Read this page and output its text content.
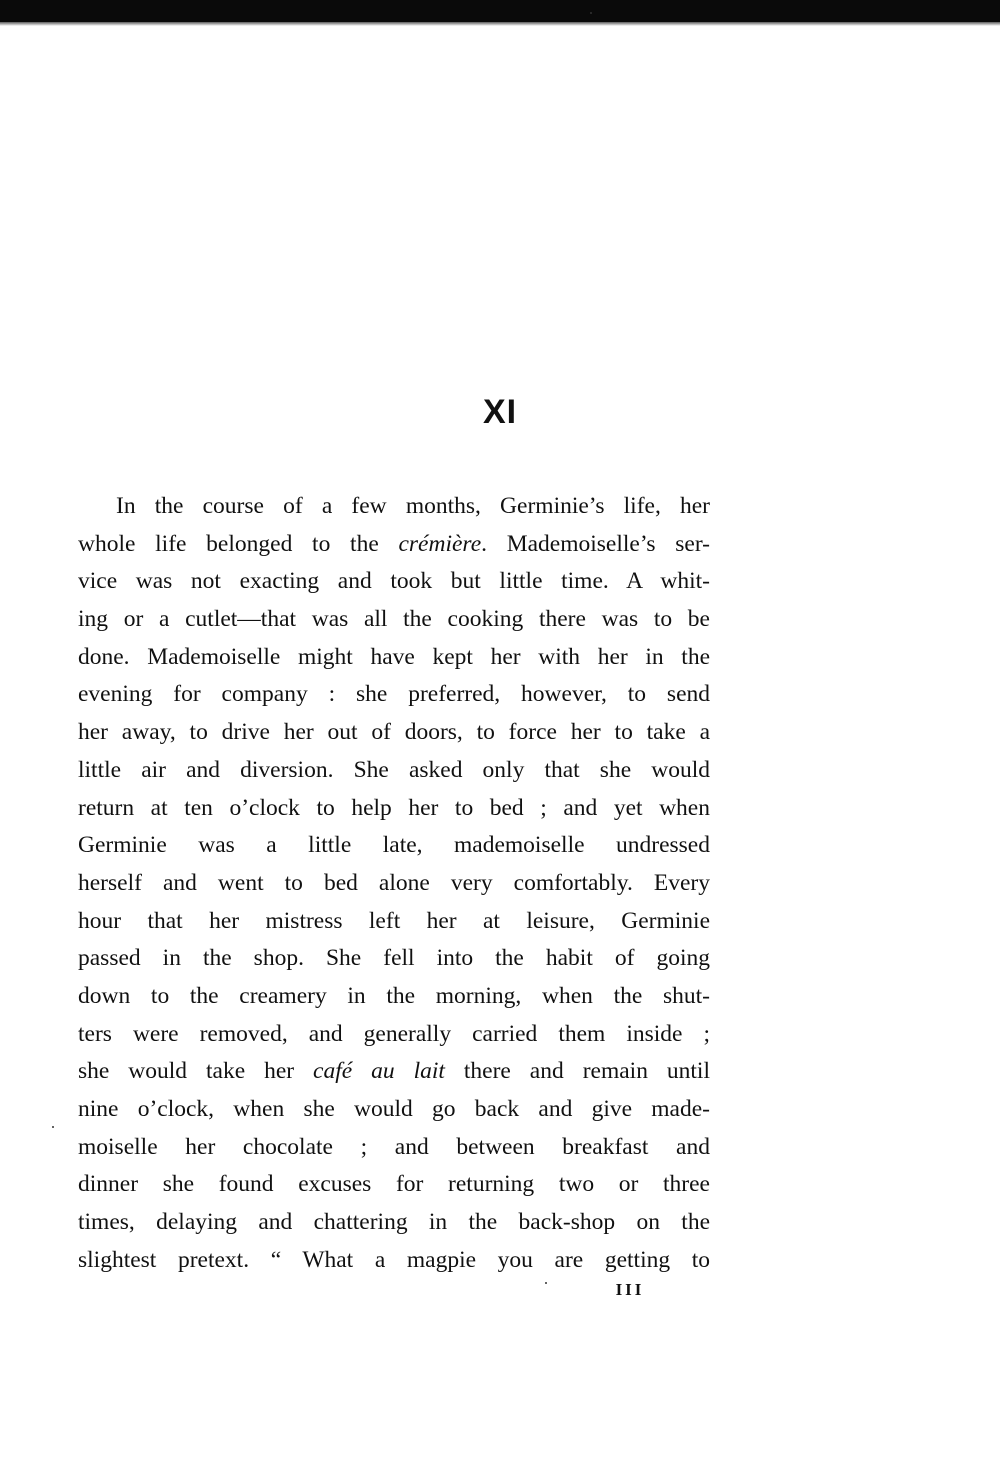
XI
In the course of a few months, Germinie’s life, her
whole life belonged to the crémière. Mademoiselle’s ser-
vice was not exacting and took but little time. A whit-
ing or a cutlet—that was all the cooking there was to be
done. Mademoiselle might have kept her with her in the
evening for company : she preferred, however, to send
her away, to drive her out of doors, to force her to take a
little air and diversion. She asked only that she would
return at ten o’clock to help her to bed ; and yet when
Germinie was a little late, mademoiselle undressed
herself and went to bed alone very comfortably. Every
hour that her mistress left her at leisure, Germinie
passed in the shop. She fell into the habit of going
down to the creamery in the morning, when the shut-
ters were removed, and generally carried them inside ;
she would take her café au lait there and remain until
nine o’clock, when she would go back and give made-
moiselle her chocolate ; and between breakfast and
dinner she found excuses for returning two or three
times, delaying and chattering in the back-shop on the
slightest pretext. “ What a magpie you are getting to
III
